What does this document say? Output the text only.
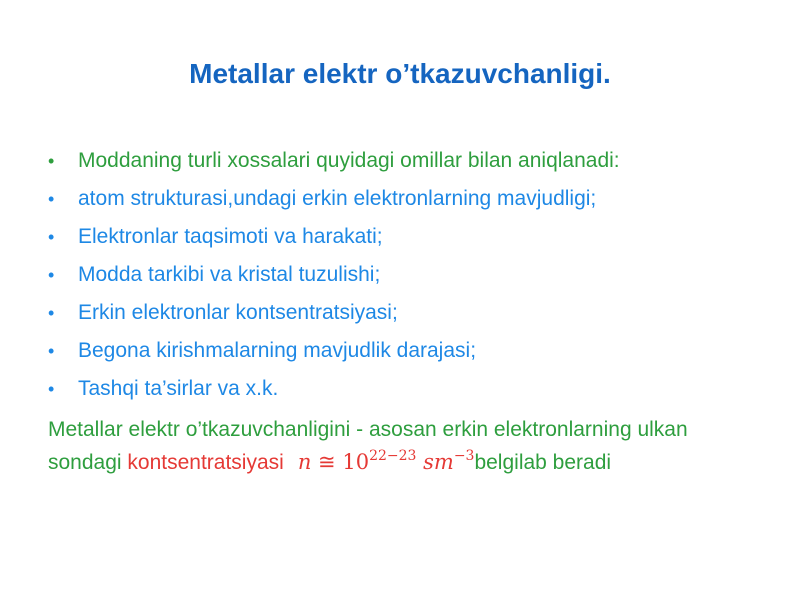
Metallar elektr o’tkazuvchanligi.
• Moddaning turli xossalari quyidagi omillar bilan aniqlanadi:
• atom strukturasi,undagi erkin elektronlarning mavjudligi;
• Elektronlar taqsimoti va harakati;
• Modda tarkibi va kristal tuzulishi;
• Erkin elektronlar kontsentratsiyasi;
• Begona kirishmalarning mavjudlik darajasi;
• Tashqi ta’sirlar va x.k.
Metallar elektr o’tkazuvchanligini - asosan erkin elektronlarning ulkan sondagi kontsentratsiyasi n ≅ $10^{22-23}$ $sm^{-3}belgilab$ beradi
